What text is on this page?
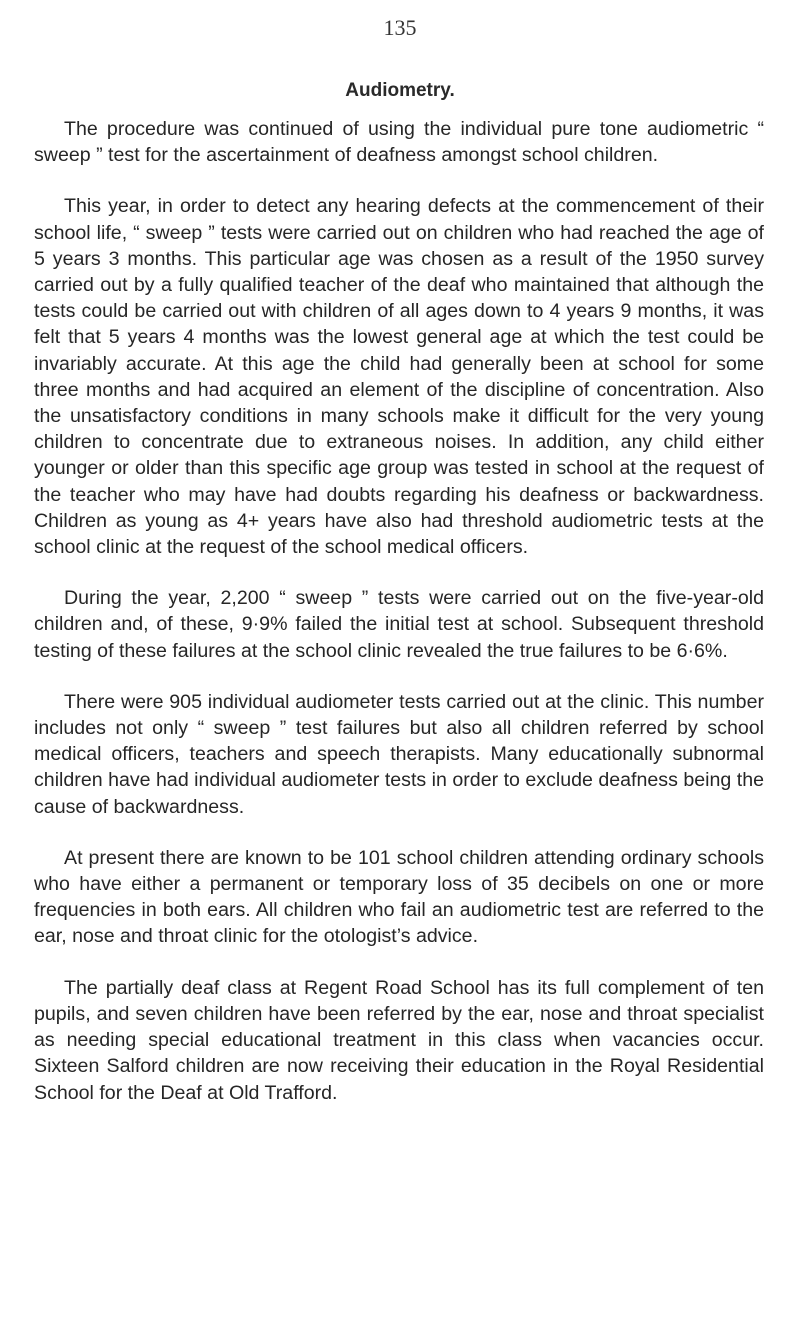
135
Audiometry.

The procedure was continued of using the individual pure tone audiometric “ sweep ” test for the ascertainment of deafness amongst school children.

This year, in order to detect any hearing defects at the commencement of their school life, “ sweep ” tests were carried out on children who had reached the age of 5 years 3 months. This particular age was chosen as a result of the 1950 survey carried out by a fully qualified teacher of the deaf who maintained that although the tests could be carried out with children of all ages down to 4 years 9 months, it was felt that 5 years 4 months was the lowest general age at which the test could be invariably accurate. At this age the child had generally been at school for some three months and had acquired an element of the discipline of concentration. Also the unsatisfactory conditions in many schools make it difficult for the very young children to concentrate due to extraneous noises. In addition, any child either younger or older than this specific age group was tested in school at the request of the teacher who may have had doubts regarding his deafness or backwardness. Children as young as 4+ years have also had threshold audiometric tests at the school clinic at the request of the school medical officers.

During the year, 2,200 “ sweep ” tests were carried out on the five-year-old children and, of these, 9·9% failed the initial test at school. Subsequent threshold testing of these failures at the school clinic revealed the true failures to be 6·6%.

There were 905 individual audiometer tests carried out at the clinic. This number includes not only “ sweep ” test failures but also all children referred by school medical officers, teachers and speech therapists. Many educationally subnormal children have had individual audiometer tests in order to exclude deafness being the cause of backwardness.

At present there are known to be 101 school children attending ordinary schools who have either a permanent or temporary loss of 35 decibels on one or more frequencies in both ears. All children who fail an audiometric test are referred to the ear, nose and throat clinic for the otologist’s advice.

The partially deaf class at Regent Road School has its full complement of ten pupils, and seven children have been referred by the ear, nose and throat specialist as needing special educational treatment in this class when vacancies occur. Sixteen Salford children are now receiving their education in the Royal Residential School for the Deaf at Old Trafford.
